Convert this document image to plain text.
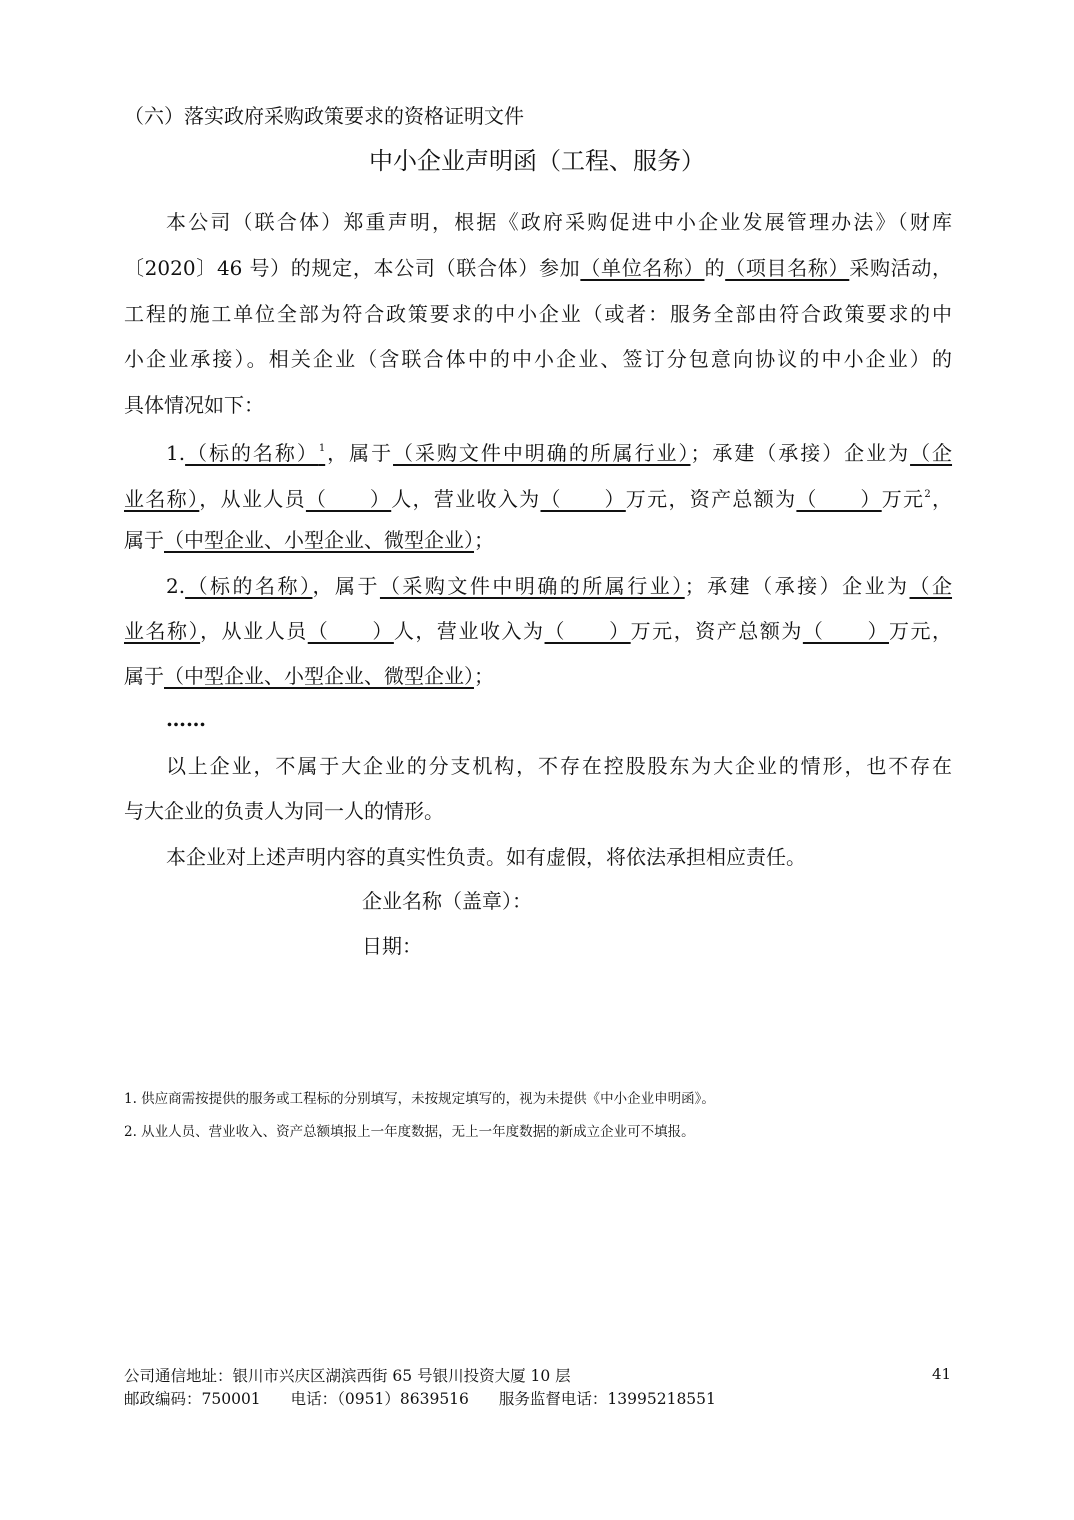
（六）落实政府采购政策要求的资格证明文件
中小企业声明函（工程、服务）
本公司（联合体）郑重声明，根据《政府采购促进中小企业发展管理办法》（财库
〔2020〕46 号）的规定，本公司（联合体）参加（单位名称）的（项目名称）采购活动，
工程的施工单位全部为符合政策要求的中小企业（或者：服务全部由符合政策要求的中
小企业承接）。相关企业（含联合体中的中小企业、签订分包意向协议的中小企业）的
具体情况如下：
1.（标的名称）$^1$，属于（采购文件中明确的所属行业）；承建（承接）企业为（企
业名称），从业人员（　　）人，营业收入为（　　）万元，资产总额为（　　）万元$^2$，
属于（中型企业、小型企业、微型企业）；
2.（标的名称），属于（采购文件中明确的所属行业）；承建（承接）企业为（企
业名称），从业人员（　　）人，营业收入为（　　）万元，资产总额为（　　）万元，
属于（中型企业、小型企业、微型企业）；
……
以上企业，不属于大企业的分支机构，不存在控股股东为大企业的情形，也不存在
与大企业的负责人为同一人的情形。
本企业对上述声明内容的真实性负责。如有虚假，将依法承担相应责任。
企业名称（盖章）：
日期：
1. 供应商需按提供的服务或工程标的分别填写，未按规定填写的，视为未提供《中小企业申明函》。
2. 从业人员、营业收入、资产总额填报上一年度数据，无上一年度数据的新成立企业可不填报。
公司通信地址：银川市兴庆区湖滨西街 65 号银川投资大厦 10 层
邮政编码：750001 电话：（0951）8639516 服务监督电话：13995218551
41
